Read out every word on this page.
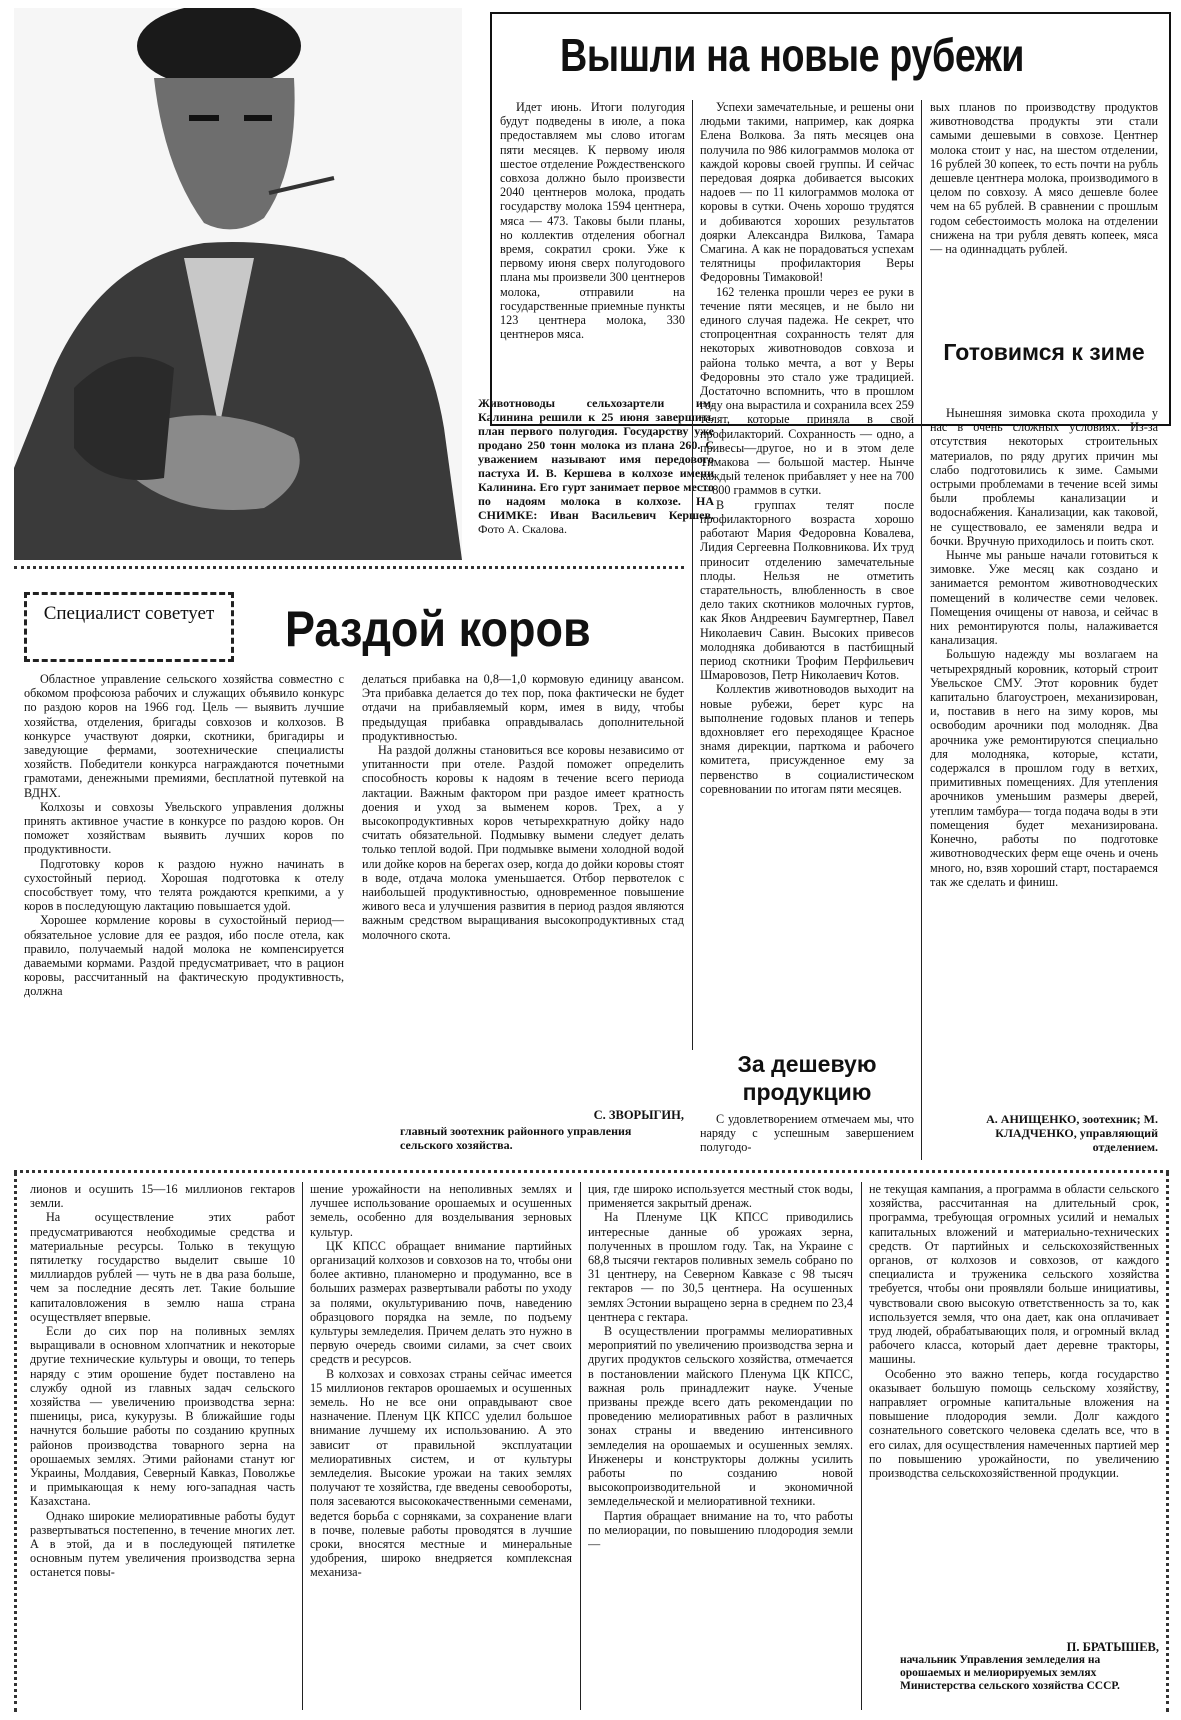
Вышли на новые рубежи

Идет июнь. Итоги полугодия будут подведены в июле, а пока предоставляем мы слово итогам пяти месяцев. К первому июля шестое отделение Рождественского совхоза должно было произвести 2040 центнеров молока, продать государству молока 1594 центнера, мяса — 473. Таковы были планы, но коллектив отделения обогнал время, сократил сроки. Уже к первому июня сверх полугодового плана мы произвели 300 центнеров молока, отправили на государственные приемные пункты 123 центнера молока, 330 центнеров мяса.

Животноводы сельхозартели им. Калинина решили к 25 июня завершить план первого полугодия. Государству уже продано 250 тонн молока из плана 260. С уважением называют имя передового пастуха И. В. Кершева в колхозе имени Калинина. Его гурт занимает первое место по надоям молока в колхозе. НА СНИМКЕ: Иван Васильевич Кершев. Фото А. Скалова.

Успехи замечательные, и решены они людьми такими, например, как доярка Елена Волкова. За пять месяцев она получила по 986 килограммов молока от каждой коровы своей группы. И сейчас передовая доярка добивается высоких надоев — по 11 килограммов молока от коровы в сутки. Очень хорошо трудятся и добиваются хороших результатов доярки Александра Вилкова, Тамара Смагина. А как не порадоваться успехам телятницы профилактория Веры Федоровны Тимаковой!

162 теленка прошли через ее руки в течение пяти месяцев, и не было ни единого случая падежа. Не секрет, что стопроцентная сохранность телят для некоторых животноводов совхоза и района только мечта, а вот у Веры Федоровны это стало уже традицией. Достаточно вспомнить, что в прошлом году она вырастила и сохранила всех 259 телят, которые приняла в свой профилакторий. Сохранность — одно, а привесы—другое, но и в этом деле Тимакова — большой мастер. Нынче каждый теленок прибавляет у нее на 700—800 граммов в сутки.

В группах телят после профилакторного возраста хорошо работают Мария Федоровна Ковалева, Лидия Сергеевна Полковникова. Их труд приносит отделению замечательные плоды. Нельзя не отметить старательность, влюбленность в свое дело таких скотников молочных гуртов, как Яков Андреевич Баумгертнер, Павел Николаевич Савин. Высоких привесов молодняка добиваются в пастбищный период скотники Трофим Перфильевич Шмаровозов, Петр Николаевич Котов.

Коллектив животноводов выходит на новые рубежи, берет курс на выполнение годовых планов и теперь вдохновляет его переходящее Красное знамя дирекции, парткома и рабочего комитета, присужденное ему за первенство в социалистическом соревновании по итогам пяти месяцев.

За дешевую продукцию

С удовлетворением отмечаем мы, что наряду с успешным завершением полугодо-

вых планов по производству продуктов животноводства продукты эти стали самыми дешевыми в совхозе. Центнер молока стоит у нас, на шестом отделении, 16 рублей 30 копеек, то есть почти на рубль дешевле центнера молока, производимого в целом по совхозу. А мясо дешевле более чем на 65 рублей. В сравнении с прошлым годом себестоимость молока на отделении снижена на три рубля девять копеек, мяса — на одиннадцать рублей.

Готовимся к зиме

Нынешняя зимовка скота проходила у нас в очень сложных условиях. Из-за отсутствия некоторых строительных материалов, по ряду других причин мы слабо подготовились к зиме. Самыми острыми проблемами в течение всей зимы были проблемы канализации и водоснабжения. Канализации, как таковой, не существовало, ее заменяли ведра и бочки. Вручную приходилось и поить скот.

Нынче мы раньше начали готовиться к зимовке. Уже месяц как создано и занимается ремонтом животноводческих помещений в количестве семи человек. Помещения очищены от навоза, и сейчас в них ремонтируются полы, налаживается канализация.

Большую надежду мы возлагаем на четырехрядный коровник, который строит Увельское СМУ. Этот коровник будет капитально благоустроен, механизирован, и, поставив в него на зиму коров, мы освободим арочники под молодняк. Два арочника уже ремонтируются специально для молодняка, которые, кстати, содержался в прошлом году в ветхих, примитивных помещениях. Для утепления арочников уменьшим размеры дверей, утеплим тамбура— тогда подача воды в эти помещения будет механизирована. Конечно, работы по подготовке животноводческих ферм еще очень и очень много, но, взяв хороший старт, постараемся так же сделать и финиш.

А. АНИЩЕНКО, зоотехник; М. КЛАДЧЕНКО, управляющий отделением.
Специалист советует	Раздой коров

Областное управление сельского хозяйства совместно с обкомом профсоюза рабочих и служащих объявило конкурс по раздою коров на 1966 год. Цель — выявить лучшие хозяйства, отделения, бригады совхозов и колхозов. В конкурсе участвуют доярки, скотники, бригадиры и заведующие фермами, зоотехнические специалисты хозяйств. Победители конкурса награждаются почетными грамотами, денежными премиями, бесплатной путевкой на ВДНХ.

Колхозы и совхозы Увельского управления должны принять активное участие в конкурсе по раздою коров. Он поможет хозяйствам выявить лучших коров по продуктивности.

Подготовку коров к раздою нужно начинать в сухостойный период. Хорошая подготовка к отелу способствует тому, что телята рождаются крепкими, а у коров в последующую лактацию повышается удой.

Хорошее кормление коровы в сухостойный период—обязательное условие для ее раздоя, ибо после отела, как правило, получаемый надой молока не компенсируется даваемыми кормами. Раздой предусматривает, что в рацион коровы, рассчитанный на фактическую продуктивность, должна

делаться прибавка на 0,8—1,0 кормовую единицу авансом. Эта прибавка делается до тех пор, пока фактически не будет отдачи на прибавляемый корм, имея в виду, чтобы предыдущая прибавка оправдывалась дополнительной продуктивностью.

На раздой должны становиться все коровы независимо от упитанности при отеле. Раздой поможет определить способность коровы к надоям в течение всего периода лактации. Важным фактором при раздое имеет кратность доения и уход за выменем коров. Трех, а у высокопродуктивных коров четырехкратную дойку надо считать обязательной. Подмывку вымени следует делать только теплой водой. При подмывке вымени холодной водой или дойке коров на берегах озер, когда до дойки коровы стоят в воде, отдача молока уменьшается. Отбор первотелок с наибольшей продуктивностью, одновременное повышение живого веса и улучшения развития в период раздоя являются важным средством выращивания высокопродуктивных стад молочного скота.

С. ЗВОРЫГИН,
главный зоотехник районного управления сельского хозяйства.

лионов и осушить 15—16 миллионов гектаров земли.

На осуществление этих работ предусматриваются необходимые средства и материальные ресурсы. Только в текущую пятилетку государство выделит свыше 10 миллиардов рублей — чуть не в два раза больше, чем за последние десять лет. Такие большие капиталовложения в землю наша страна осуществляет впервые.

Если до сих пор на поливных землях выращивали в основном хлопчатник и некоторые другие технические культуры и овощи, то теперь наряду с этим орошение будет поставлено на службу одной из главных задач сельского хозяйства — увеличению производства зерна: пшеницы, риса, кукурузы. В ближайшие годы начнутся большие работы по созданию крупных районов производства товарного зерна на орошаемых землях. Этими районами станут юг Украины, Молдавия, Северный Кавказ, Поволжье и примыкающая к нему юго-западная часть Казахстана.

Однако широкие мелиоративные работы будут развертываться постепенно, в течение многих лет. А в этой, да и в последующей пятилетке основным путем увеличения производства зерна останется повы-

шение урожайности на неполивных землях и лучшее использование орошаемых и осушенных земель, особенно для возделывания зерновых культур.

ЦК КПСС обращает внимание партийных организаций колхозов и совхозов на то, чтобы они более активно, планомерно и продуманно, все в больших размерах развертывали работы по уходу за полями, окультуриванию почв, наведению образцового порядка на земле, по подъему культуры земледелия. Причем делать это нужно в первую очередь своими силами, за счет своих средств и ресурсов.

В колхозах и совхозах страны сейчас имеется 15 миллионов гектаров орошаемых и осушенных земель. Но не все они оправдывают свое назначение. Пленум ЦК КПСС уделил большое внимание лучшему их использованию. А это зависит от правильной эксплуатации мелиоративных систем, и от культуры земледелия. Высокие урожаи на таких землях получают те хозяйства, где введены севообороты, поля засеваются высококачественными семенами, ведется борьба с сорняками, за сохранение влаги в почве, полевые работы проводятся в лучшие сроки, вносятся местные и минеральные удобрения, широко внедряется комплексная механиза-

ция, где широко используется местный сток воды, применяется закрытый дренаж.

На Пленуме ЦК КПСС приводились интересные данные об урожаях зерна, полученных в прошлом году. Так, на Украине с 68,8 тысячи гектаров поливных земель собрано по 31 центнеру, на Северном Кавказе с 98 тысяч гектаров — по 30,5 центнера. На осушенных землях Эстонии выращено зерна в среднем по 23,4 центнера с гектара.

В осуществлении программы мелиоративных мероприятий по увеличению производства зерна и других продуктов сельского хозяйства, отмечается в постановлении майского Пленума ЦК КПСС, важная роль принадлежит науке. Ученые призваны прежде всего дать рекомендации по проведению мелиоративных работ в различных зонах страны и введению интенсивного земледелия на орошаемых и осушенных землях. Инженеры и конструкторы должны усилить работы по созданию новой высокопроизводительной и экономичной земледельческой и мелиоративной техники.

Партия обращает внимание на то, что работы по мелиорации, по повышению плодородия земли —

не текущая кампания, а программа в области сельского хозяйства, рассчитанная на длительный срок, программа, требующая огромных усилий и немалых капитальных вложений и материально-технических средств. От партийных и сельскохозяйственных органов, от колхозов и совхозов, от каждого специалиста и труженика сельского хозяйства требуется, чтобы они проявляли больше инициативы, чувствовали свою высокую ответственность за то, как используется земля, что она дает, как она оплачивает труд людей, обрабатывающих поля, и огромный вклад рабочего класса, который дает деревне тракторы, машины.

Особенно это важно теперь, когда государство оказывает большую помощь сельскому хозяйству, направляет огромные капитальные вложения на повышение плодородия земли. Долг каждого сознательного советского человека сделать все, что в его силах, для осуществления намеченных партией мер по повышению урожайности, по увеличению производства сельскохозяйственной продукции.

П. БРАТЫШЕВ,
начальник Управления земледелия на орошаемых и мелиорируемых землях Министерства сельского хозяйства СССР.
